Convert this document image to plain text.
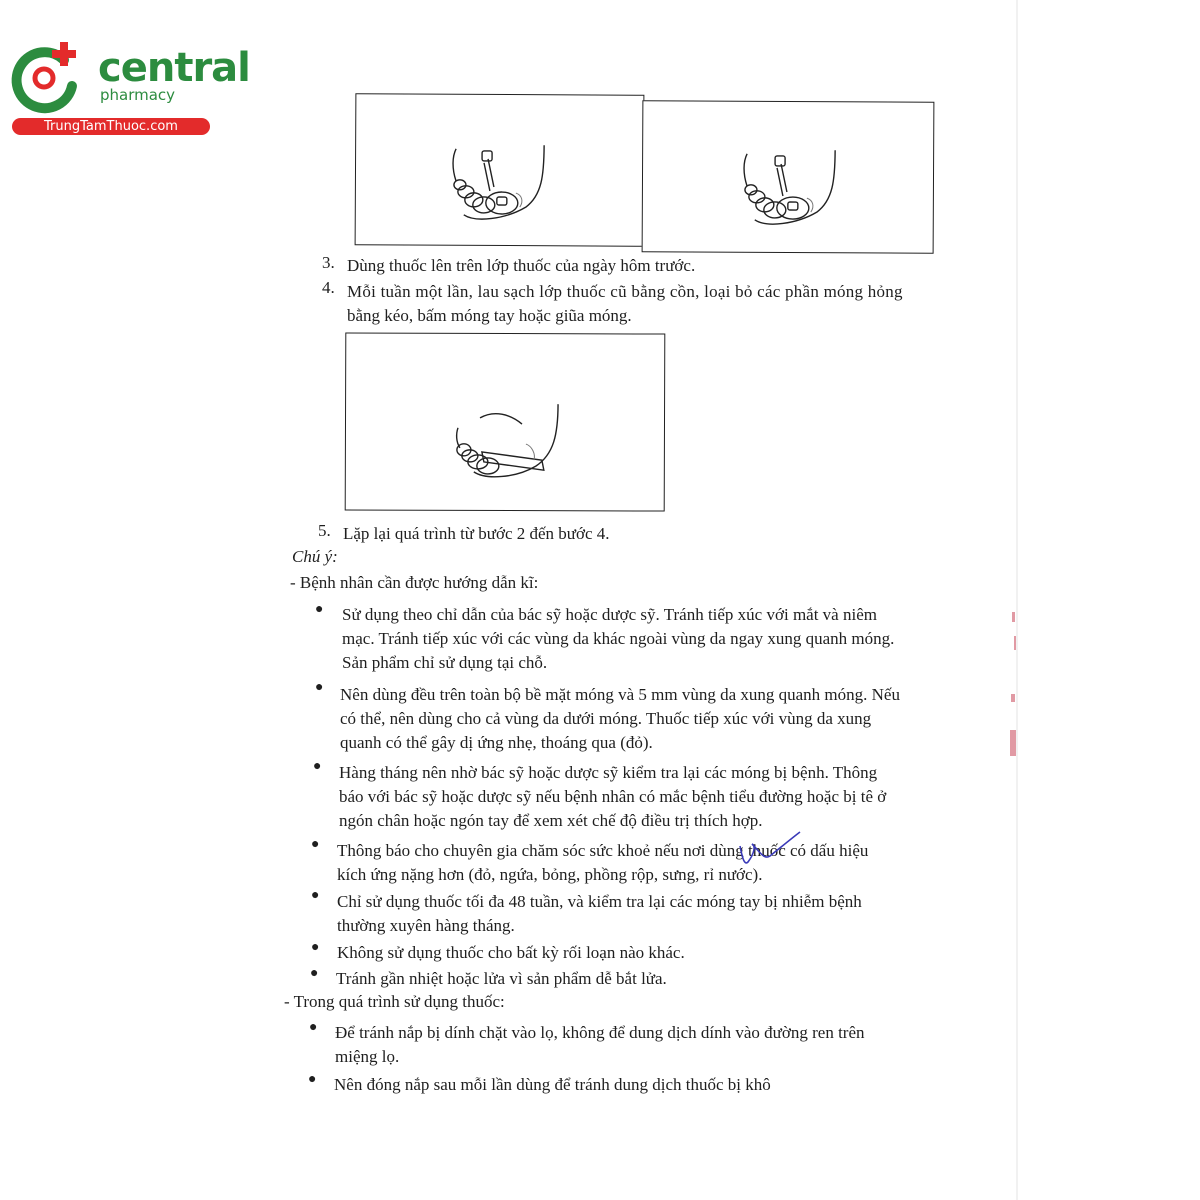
central
pharmacy
TrungTamThuoc.com
3. Dùng thuốc lên trên lớp thuốc của ngày hôm trước.
4. Mỗi tuần một lần, lau sạch lớp thuốc cũ bằng cồn, loại bỏ các phần móng hỏng
bằng kéo, bấm móng tay hoặc giũa móng.
5. Lặp lại quá trình từ bước 2 đến bước 4.
Chú ý:
- Bệnh nhân cần được hướng dẫn kĩ:
● Sử dụng theo chỉ dẫn của bác sỹ hoặc dược sỹ. Tránh tiếp xúc với mắt và niêm
mạc. Tránh tiếp xúc với các vùng da khác ngoài vùng da ngay xung quanh móng.
Sản phẩm chỉ sử dụng tại chỗ.
● Nên dùng đều trên toàn bộ bề mặt móng và 5 mm vùng da xung quanh móng. Nếu
có thể, nên dùng cho cả vùng da dưới móng. Thuốc tiếp xúc với vùng da xung
quanh có thể gây dị ứng nhẹ, thoáng qua (đỏ).
● Hàng tháng nên nhờ bác sỹ hoặc dược sỹ kiểm tra lại các móng bị bệnh. Thông
báo với bác sỹ hoặc dược sỹ nếu bệnh nhân có mắc bệnh tiểu đường hoặc bị tê ở
ngón chân hoặc ngón tay để xem xét chế độ điều trị thích hợp.
● Thông báo cho chuyên gia chăm sóc sức khoẻ nếu nơi dùng thuốc có dấu hiệu
kích ứng nặng hơn (đỏ, ngứa, bỏng, phồng rộp, sưng, rỉ nước).
● Chỉ sử dụng thuốc tối đa 48 tuần, và kiểm tra lại các móng tay bị nhiễm bệnh
thường xuyên hàng tháng.
● Không sử dụng thuốc cho bất kỳ rối loạn nào khác.
● Tránh gần nhiệt hoặc lửa vì sản phẩm dễ bắt lửa.
- Trong quá trình sử dụng thuốc:
● Để tránh nắp bị dính chặt vào lọ, không để dung dịch dính vào đường ren trên
miệng lọ.
● Nên đóng nắp sau mỗi lần dùng để tránh dung dịch thuốc bị khô
